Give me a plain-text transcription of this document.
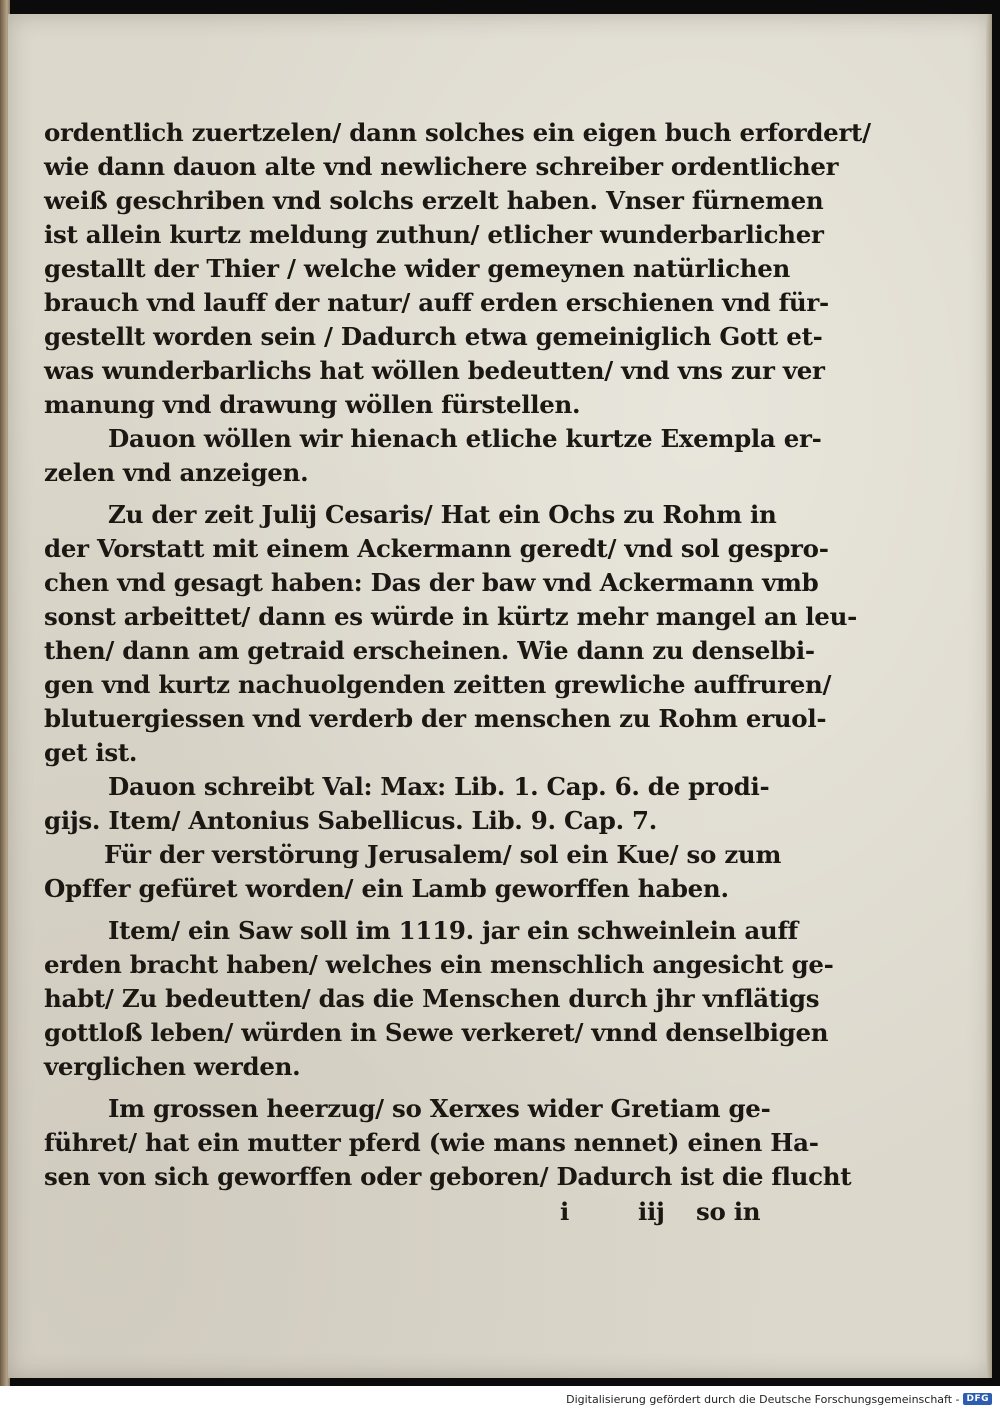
ordentlich zuertzelen/ dann solches ein eigen buch erfordert/
wie dann dauon alte vnd newlichere schreiber ordentlicher
weiß geschriben vnd solchs erzelt haben. Vnser fürnemen
ist allein kurtz meldung zuthun/ etlicher wunderbarlicher
gestallt der Thier / welche wider gemeynen natürlichen
brauch vnd lauff der natur/ auff erden erschienen vnd für-
gestellt worden sein / Dadurch etwa gemeiniglich Gott et-
was wunderbarlichs hat wöllen bedeutten/ vnd vns zur ver
manung vnd drawung wöllen fürstellen.
Dauon wöllen wir hienach etliche kurtze Exempla er-
zelen vnd anzeigen.
Zu der zeit Julij Cesaris/ Hat ein Ochs zu Rohm in
der Vorstatt mit einem Ackermann geredt/ vnd sol gespro-
chen vnd gesagt haben: Das der baw vnd Ackermann vmb
sonst arbeittet/ dann es würde in kürtz mehr mangel an leu-
then/ dann am getraid erscheinen. Wie dann zu denselbi-
gen vnd kurtz nachuolgenden zeitten grewliche auffruren/
blutuergiessen vnd verderb der menschen zu Rohm eruol-
get ist.
Dauon schreibt Val: Max: Lib. 1. Cap. 6. de prodi-
gijs. Item/ Antonius Sabellicus. Lib. 9. Cap. 7.
Für der verstörung Jerusalem/ sol ein Kue/ so zum
Opffer gefüret worden/ ein Lamb geworffen haben.
Item/ ein Saw soll im 1119. jar ein schweinlein auff
erden bracht haben/ welches ein menschlich angesicht ge-
habt/ Zu bedeutten/ das die Menschen durch jhr vnflätigs
gottloß leben/ würden in Sewe verkeret/ vnnd denselbigen
verglichen werden.
Im grossen heerzug/ so Xerxes wider Gretiam ge-
führet/ hat ein mutter pferd (wie mans nennet) einen Ha-
sen von sich geworffen oder geboren/ Dadurch ist die flucht
i	iij so in
Digitalisierung gefördert durch die Deutsche Forschungsgemeinschaft - DFG
